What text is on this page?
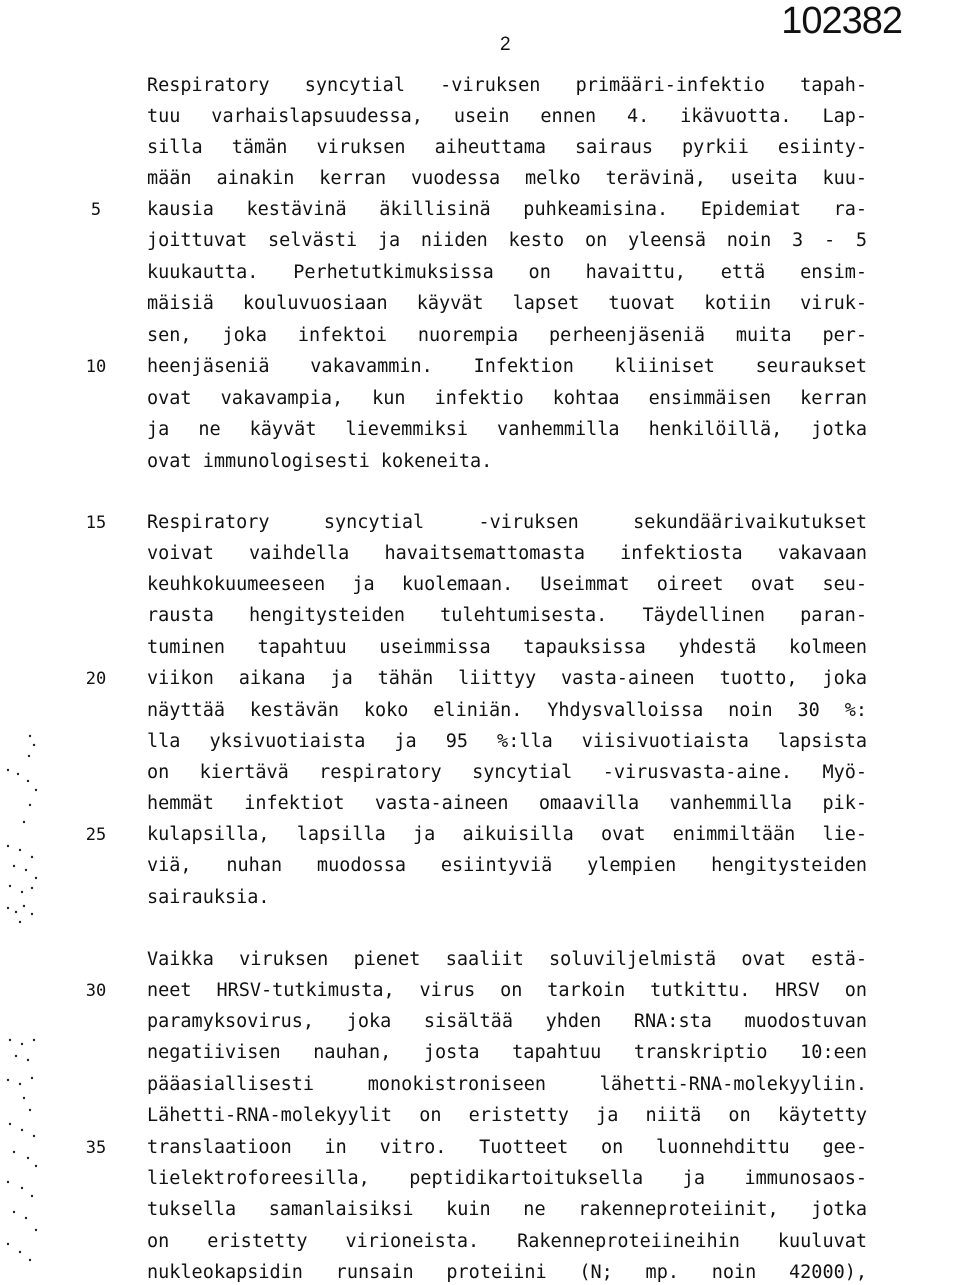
102382
2
Respiratory syncytial -viruksen primääri-infektio tapah-
tuu varhaislapsuudessa, usein ennen 4. ikävuotta. Lap-
silla tämän viruksen aiheuttama sairaus pyrkii esiinty-
mään ainakin kerran vuodessa melko terävinä, useita kuu-
kausia kestävinä äkillisinä puhkeamisina. Epidemiat ra-
joittuvat selvästi ja niiden kesto on yleensä noin 3 - 5
kuukautta. Perhetutkimuksissa on havaittu, että ensim-
mäisiä kouluvuosiaan käyvät lapset tuovat kotiin viruk-
sen, joka infektoi nuorempia perheenjäseniä muita per-
heenjäseniä vakavammin. Infektion kliiniset seuraukset
ovat vakavampia, kun infektio kohtaa ensimmäisen kerran
ja ne käyvät lievemmiksi vanhemmilla henkilöillä, jotka
ovat immunologisesti kokeneita.
Respiratory syncytial -viruksen sekundäärivaikutukset
voivat vaihdella havaitsemattomasta infektiosta vakavaan
keuhkokuumeeseen ja kuolemaan. Useimmat oireet ovat seu-
rausta hengitysteiden tulehtumisesta. Täydellinen paran-
tuminen tapahtuu useimmissa tapauksissa yhdestä kolmeen
viikon aikana ja tähän liittyy vasta-aineen tuotto, joka
näyttää kestävän koko eliniän. Yhdysvalloissa noin 30 %:
lla yksivuotiaista ja 95 %:lla viisivuotiaista lapsista
on kiertävä respiratory syncytial -virusvasta-aine. Myö-
hemmät infektiot vasta-aineen omaavilla vanhemmilla pik-
kulapsilla, lapsilla ja aikuisilla ovat enimmiltään lie-
viä, nuhan muodossa esiintyviä ylempien hengitysteiden
sairauksia.
Vaikka viruksen pienet saaliit soluviljelmistä ovat estä-
neet HRSV-tutkimusta, virus on tarkoin tutkittu. HRSV on
paramyksovirus, joka sisältää yhden RNA:sta muodostuvan
negatiivisen nauhan, josta tapahtuu transkriptio 10:een
pääasiallisesti monokistroniseen lähetti-RNA-molekyyliin.
Lähetti-RNA-molekyylit on eristetty ja niitä on käytetty
translaatioon in vitro. Tuotteet on luonnehdittu gee-
lielektroforeesilla, peptidikartoituksella ja immunosaos-
tuksella samanlaisiksi kuin ne rakenneproteiinit, jotka
on eristetty virioneista. Rakenneproteiineihin kuuluvat
nukleokapsidin runsain proteiini (N; mp. noin 42000),
5
10
15
20
25
30
35
